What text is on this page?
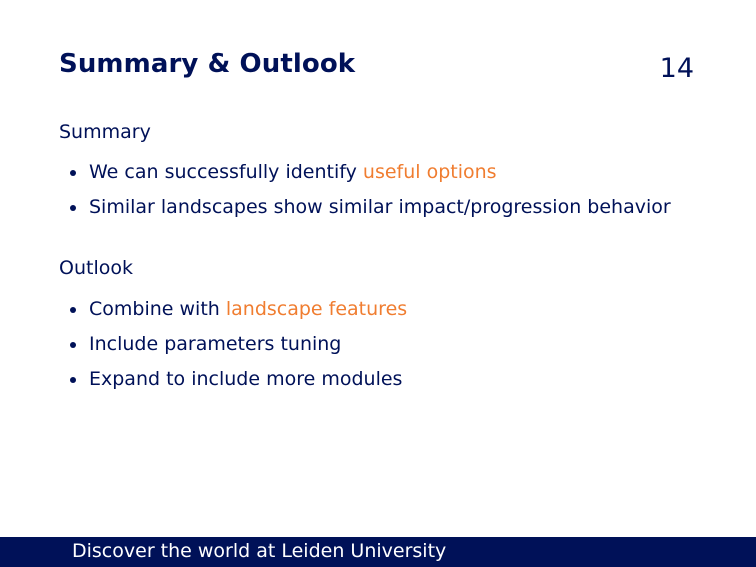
Summary & Outlook	14
Summary
We can successfully identify useful options
Similar landscapes show similar impact/progression behavior
Outlook
Combine with landscape features
Include parameters tuning
Expand to include more modules
Discover the world at Leiden University
